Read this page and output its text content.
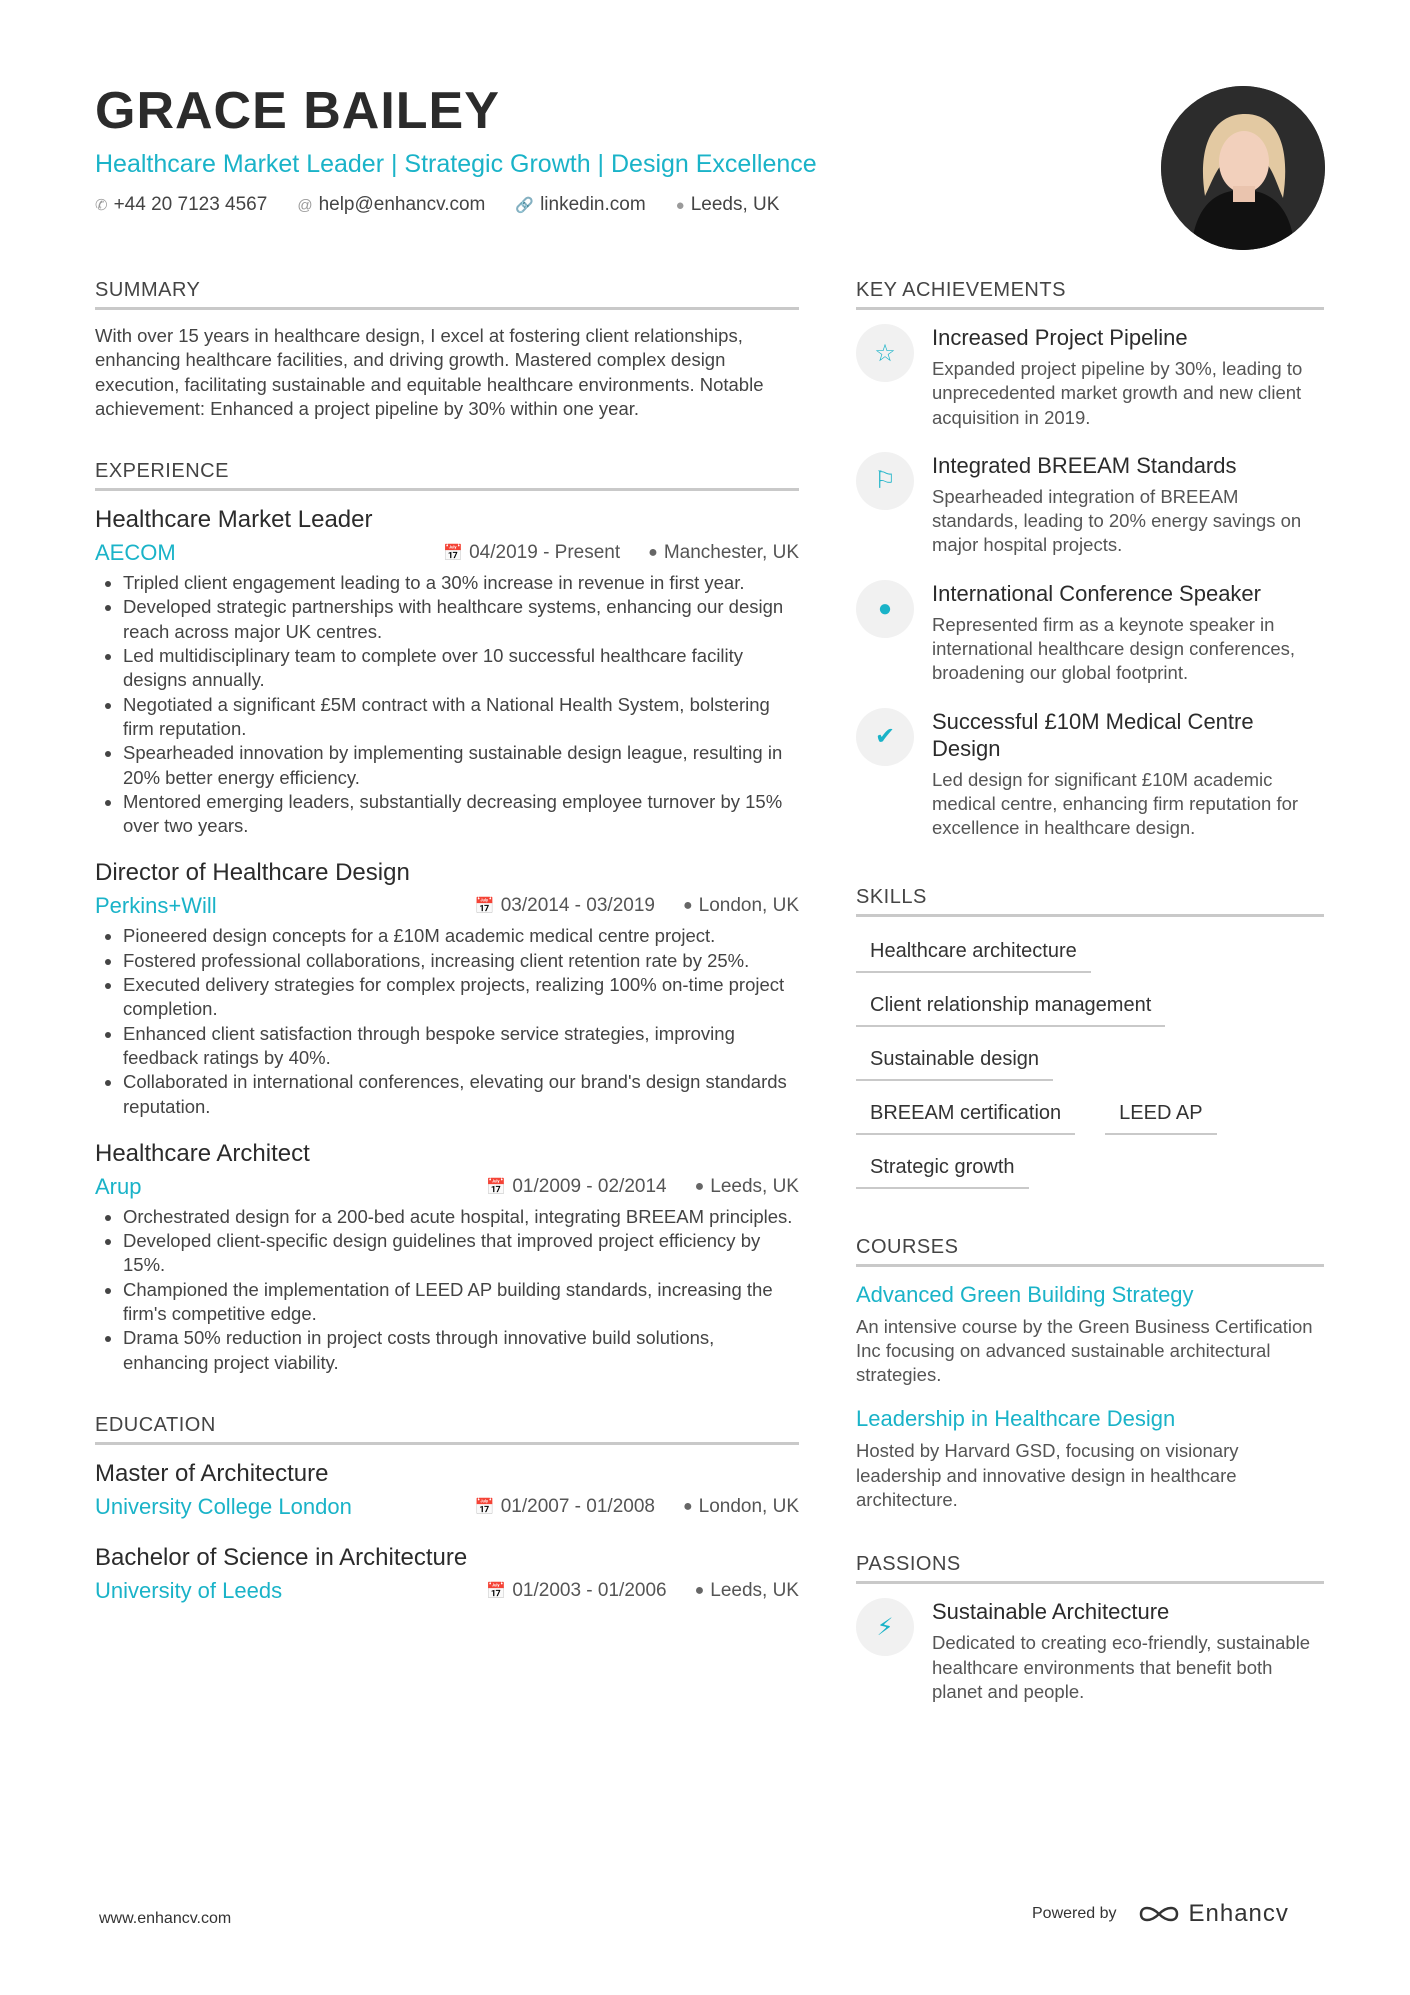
GRACE BAILEY
Healthcare Market Leader | Strategic Growth | Design Excellence
✆ +44 20 7123 4567 @ help@enhancv.com 🔗 linkedin.com ● Leeds, UK
SUMMARY

With over 15 years in healthcare design, I excel at fostering client relationships, enhancing healthcare facilities, and driving growth. Mastered complex design execution, facilitating sustainable and equitable healthcare environments. Notable achievement: Enhanced a project pipeline by 30% within one year.

EXPERIENCE
Healthcare Market Leader
AECOM	📅 04/2019 - Present ● Manchester, UK
• Tripled client engagement leading to a 30% increase in revenue in first year.
• Developed strategic partnerships with healthcare systems, enhancing our design reach across major UK centres.
• Led multidisciplinary team to complete over 10 successful healthcare facility designs annually.
• Negotiated a significant £5M contract with a National Health System, bolstering firm reputation.
• Spearheaded innovation by implementing sustainable design league, resulting in 20% better energy efficiency.
• Mentored emerging leaders, substantially decreasing employee turnover by 15% over two years.
Director of Healthcare Design
Perkins+Will	📅 03/2014 - 03/2019 ● London, UK
• Pioneered design concepts for a £10M academic medical centre project.
• Fostered professional collaborations, increasing client retention rate by 25%.
• Executed delivery strategies for complex projects, realizing 100% on-time project completion.
• Enhanced client satisfaction through bespoke service strategies, improving feedback ratings by 40%.
• Collaborated in international conferences, elevating our brand's design standards reputation.
Healthcare Architect
Arup	📅 01/2009 - 02/2014 ● Leeds, UK
• Orchestrated design for a 200-bed acute hospital, integrating BREEAM principles.
• Developed client-specific design guidelines that improved project efficiency by 15%.
• Championed the implementation of LEED AP building standards, increasing the firm's competitive edge.
• Drama 50% reduction in project costs through innovative build solutions, enhancing project viability.
EDUCATION
Master of Architecture
University College London	📅 01/2007 - 01/2008 ● London, UK
Bachelor of Science in Architecture
University of Leeds	📅 01/2003 - 01/2006 ● Leeds, UK
KEY ACHIEVEMENTS
☆
Increased Project Pipeline
Expanded project pipeline by 30%, leading to unprecedented market growth and new client acquisition in 2019.
⚐
Integrated BREEAM Standards
Spearheaded integration of BREEAM standards, leading to 20% energy savings on major hospital projects.
●
International Conference Speaker
Represented firm as a keynote speaker in international healthcare design conferences, broadening our global footprint.
✔
Successful £10M Medical Centre Design
Led design for significant £10M academic medical centre, enhancing firm reputation for excellence in healthcare design.
SKILLS
Healthcare architecture
Client relationship management
Sustainable design
BREEAM certification	LEED AP
Strategic growth
COURSES
Advanced Green Building Strategy
An intensive course by the Green Business Certification Inc focusing on advanced sustainable architectural strategies.
Leadership in Healthcare Design
Hosted by Harvard GSD, focusing on visionary leadership and innovative design in healthcare architecture.
PASSIONS
⚡
Sustainable Architecture
Dedicated to creating eco-friendly, sustainable healthcare environments that benefit both planet and people.
www.enhancv.com	Powered by	Enhancv
